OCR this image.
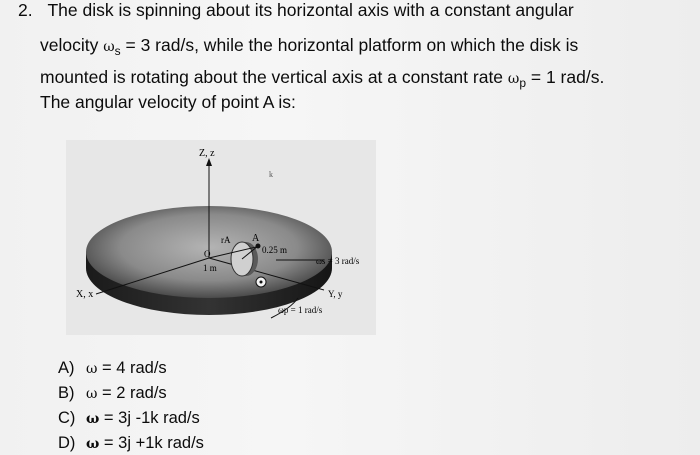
2. The disk is spinning about its horizontal axis with a constant angular
velocity $\omega_s = 3$ rad/s, while the horizontal platform on which the disk is
mounted is rotating about the vertical axis at a constant rate $\omega_p = 1$ rad/s.
The angular velocity of point A is:
Z, z
k
rA A
0.25 m
O
1 m
ωs = 3 rad/s
X, x	Y, y
ωp = 1 rad/s
A) ω = 4 rad/s
B) ω = 2 rad/s
C) ω = 3j -1k rad/s
D) ω = 3j +1k rad/s
